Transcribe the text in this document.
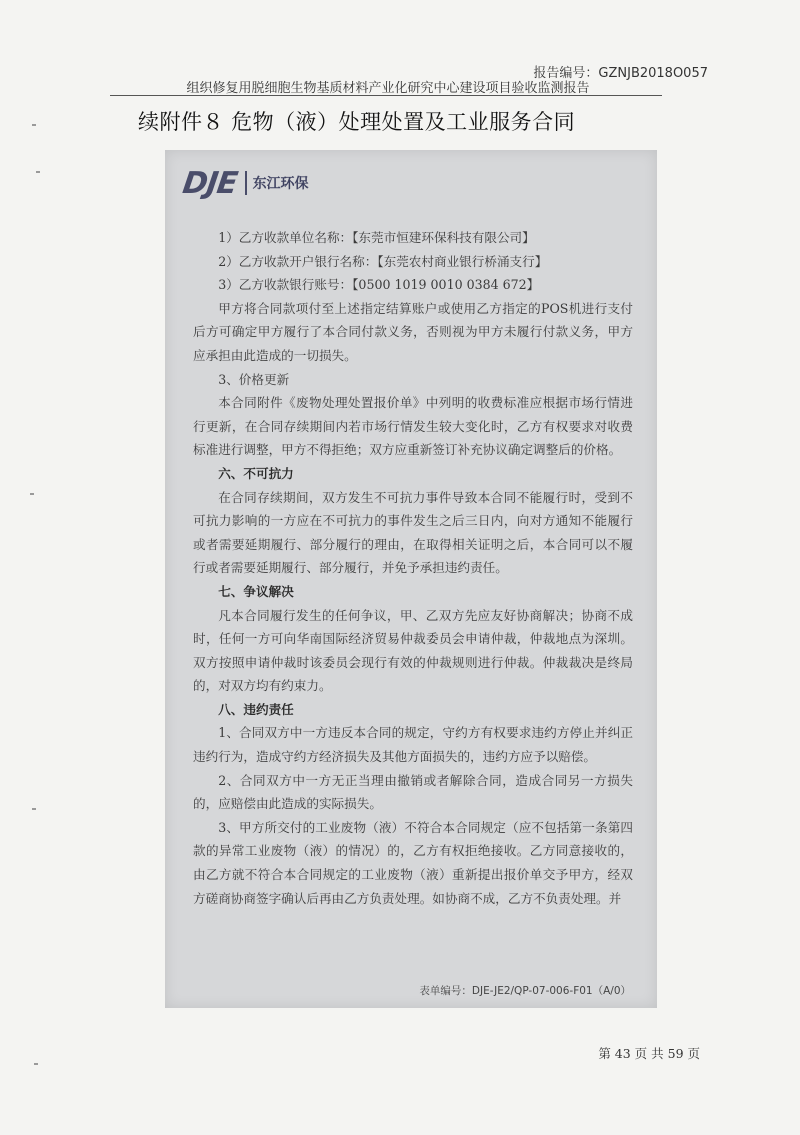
报告编号：GZNJB2018O057
组织修复用脱细胞生物基质材料产业化研究中心建设项目验收监测报告
续附件８ 危物（液）处理处置及工业服务合同
DJE 东江环保

1）乙方收款单位名称：【东莞市恒建环保科技有限公司】

2）乙方收款开户银行名称：【东莞农村商业银行桥涌支行】

3）乙方收款银行账号：【0500 1019 0010 0384 672】

甲方将合同款项付至上述指定结算账户或使用乙方指定的POS机进行支付后方可确定甲方履行了本合同付款义务，否则视为甲方未履行付款义务，甲方应承担由此造成的一切损失。

3、价格更新

本合同附件《废物处理处置报价单》中列明的收费标准应根据市场行情进行更新，在合同存续期间内若市场行情发生较大变化时，乙方有权要求对收费标准进行调整，甲方不得拒绝；双方应重新签订补充协议确定调整后的价格。

六、不可抗力

在合同存续期间，双方发生不可抗力事件导致本合同不能履行时，受到不可抗力影响的一方应在不可抗力的事件发生之后三日内，向对方通知不能履行或者需要延期履行、部分履行的理由，在取得相关证明之后，本合同可以不履行或者需要延期履行、部分履行，并免予承担违约责任。

七、争议解决

凡本合同履行发生的任何争议，甲、乙双方先应友好协商解决；协商不成时，任何一方可向华南国际经济贸易仲裁委员会申请仲裁，仲裁地点为深圳。双方按照申请仲裁时该委员会现行有效的仲裁规则进行仲裁。仲裁裁决是终局的，对双方均有约束力。

八、违约责任

1、合同双方中一方违反本合同的规定，守约方有权要求违约方停止并纠正违约行为，造成守约方经济损失及其他方面损失的，违约方应予以赔偿。

2、合同双方中一方无正当理由撤销或者解除合同，造成合同另一方损失的，应赔偿由此造成的实际损失。

3、甲方所交付的工业废物（液）不符合本合同规定（应不包括第一条第四款的异常工业废物（液）的情况）的，乙方有权拒绝接收。乙方同意接收的，由乙方就不符合本合同规定的工业废物（液）重新提出报价单交予甲方，经双方磋商协商签字确认后再由乙方负责处理。如协商不成，乙方不负责处理。并

表单编号：DJE-JE2/QP-07-006-F01（A/0）
第 43 页 共 59 页
